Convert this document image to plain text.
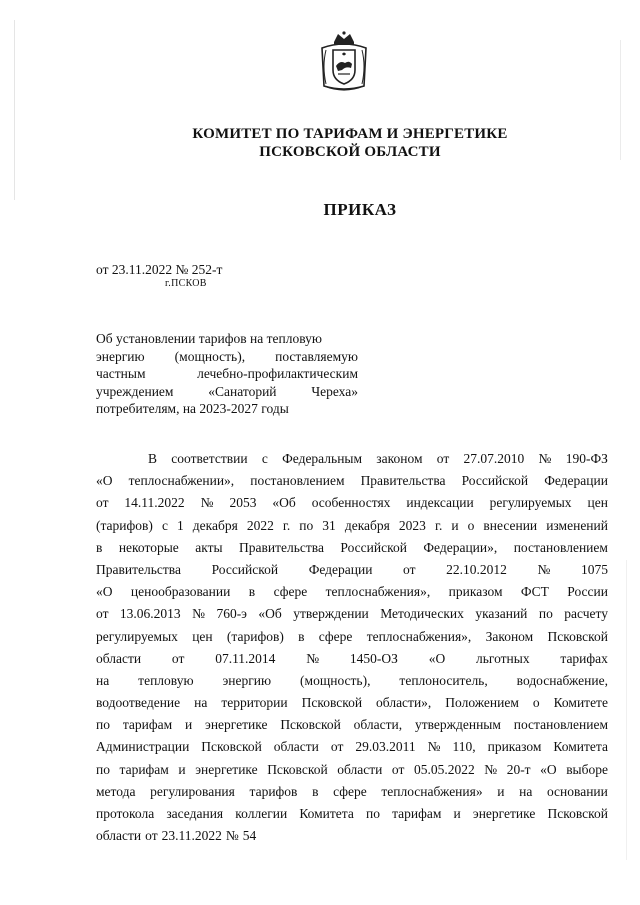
КОМИТЕТ ПО ТАРИФАМ И ЭНЕРГЕТИКЕ
ПСКОВСКОЙ ОБЛАСТИ
ПРИКАЗ
от 23.11.2022 № 252-т
г.ПСКОВ
Об установлении тарифов на тепловую
энергию (мощность), поставляемую
частным	лечебно-профилактическим
учреждением	«Санаторий	Череха»
потребителям, на 2023-2027 годы
В соответствии с Федеральным законом от 27.07.2010 № 190-ФЗ
«О теплоснабжении», постановлением Правительства Российской Федерации
от 14.11.2022 № 2053 «Об особенностях индексации регулируемых цен
(тарифов) с 1 декабря 2022 г. по 31 декабря 2023 г. и о внесении изменений
в некоторые акты Правительства Российской Федерации», постановлением
Правительства Российской Федерации от 22.10.2012 № 1075
«О ценообразовании в сфере теплоснабжения», приказом ФСТ России
от 13.06.2013 № 760-э «Об утверждении Методических указаний по расчету
регулируемых цен (тарифов) в сфере теплоснабжения», Законом Псковской
области от 07.11.2014 № 1450-ОЗ «О льготных тарифах
на тепловую энергию (мощность), теплоноситель, водоснабжение,
водоотведение на территории Псковской области», Положением о Комитете
по тарифам и энергетике Псковской области, утвержденным постановлением
Администрации Псковской области от 29.03.2011 № 110, приказом Комитета
по тарифам и энергетике Псковской области от 05.05.2022 № 20-т «О выборе
метода регулирования тарифов в сфере теплоснабжения» и на основании
протокола заседания коллегии Комитета по тарифам и энергетике Псковской
области от 23.11.2022 № 54
